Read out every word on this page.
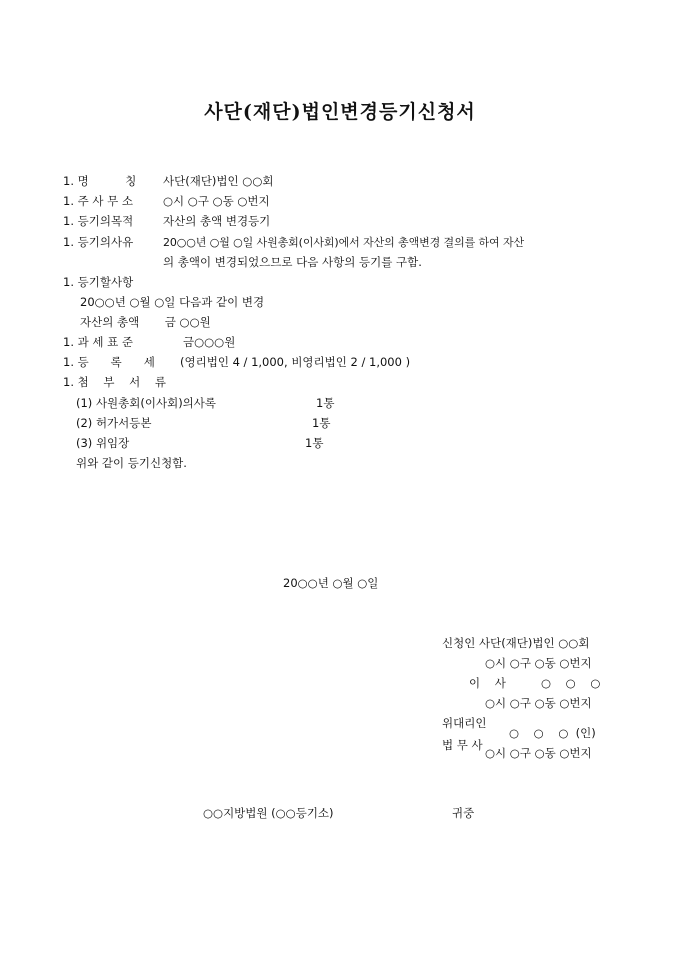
사단(재단)법인변경등기신청서
1. 명          칭 사단(재단)법인 ○○회
1. 주 사 무 소	○시 ○구 ○동 ○번지
1. 등기의목적	자산의 총액 변경등기
1. 등기의사유	20○○년 ○월 ○일 사원총회(이사회)에서 자산의 총액변경 결의를 하여 자산
의 총액이 변경되었으므로 다음 사항의 등기를 구함.
1. 등기할사항
20○○년 ○월 ○일 다음과 같이 변경
자산의 총액       금 ○○원
1. 과 세 표 준	금○○○원
1. 등      록      세 (영리법인 4 / 1,000, 비영리법인 2 / 1,000 )
1. 첨    부    서    류
(1) 사원총회(이사회)의사록	1통
(2) 허가서등본	1통
(3) 위임장	1통
위와 같이 등기신청함.
20○○년 ○월 ○일
신청인 사단(재단)법인 ○○회
○시 ○구 ○동 ○번지
이    사	○    ○    ○
○시 ○구 ○동 ○번지
위대리인
법 무 사
○    ○    ○  (인)
○시 ○구 ○동 ○번지
○○지방법원 (○○등기소)	귀중
